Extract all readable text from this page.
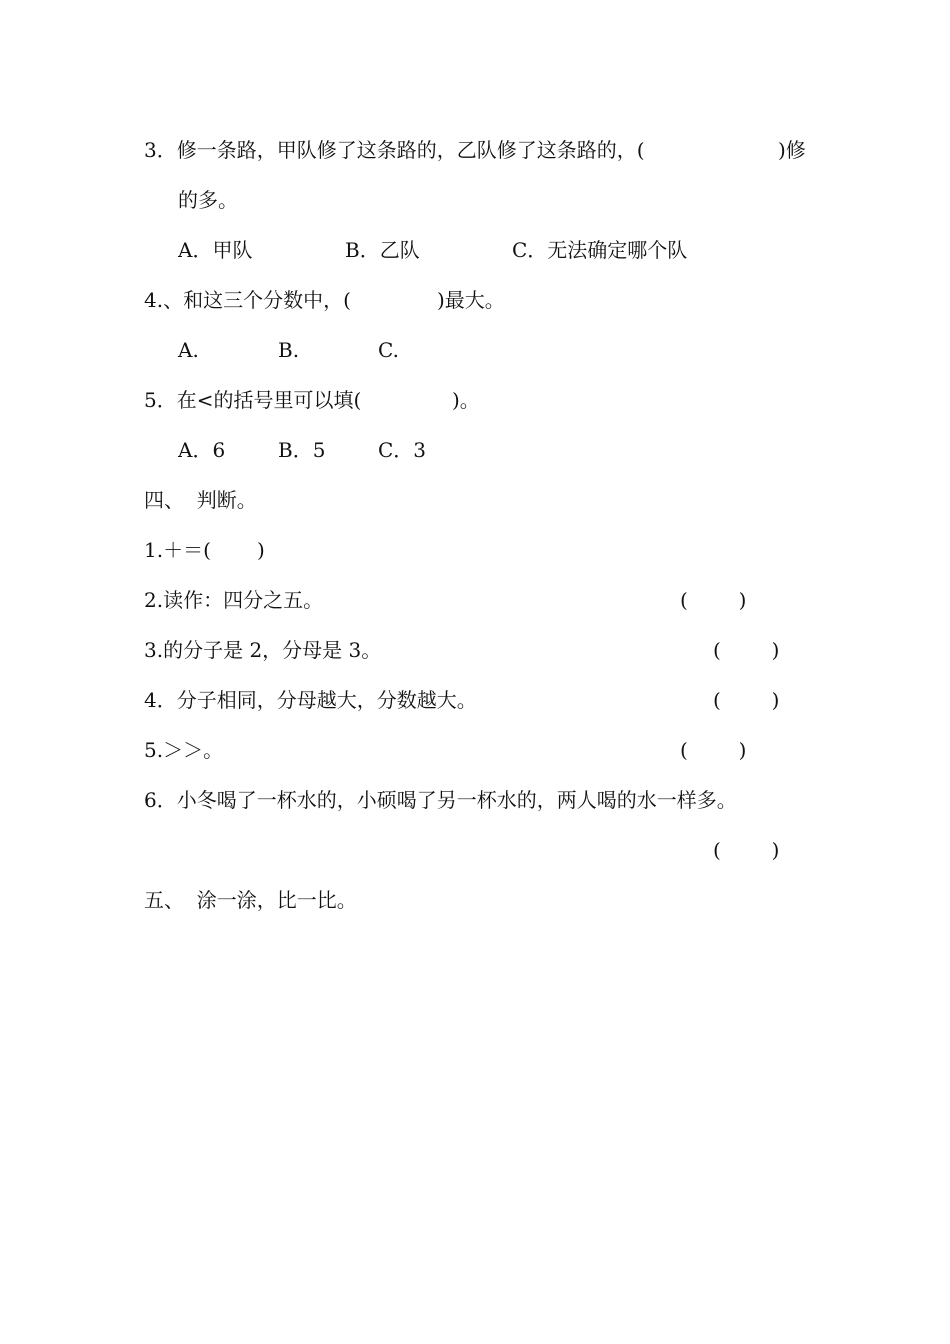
3．修一条路，甲队修了这条路的，乙队修了这条路的，(	)修
的多。
A．甲队	B．乙队	C．无法确定哪个队
4.、和这三个分数中，(	)最大。
A.	B.	C.
5．在<的括号里可以填(	)。
A．6	B．5	C．3
四、  判断。
1.＋＝( )
2.读作：四分之五。	(        )
3.的分子是 2，分母是 3。	(        )
4．分子相同，分母越大，分数越大。	(        )
5.＞＞。	(        )
6．小冬喝了一杯水的，小硕喝了另一杯水的，两人喝的水一样多。
(        )
五、  涂一涂，比一比。
